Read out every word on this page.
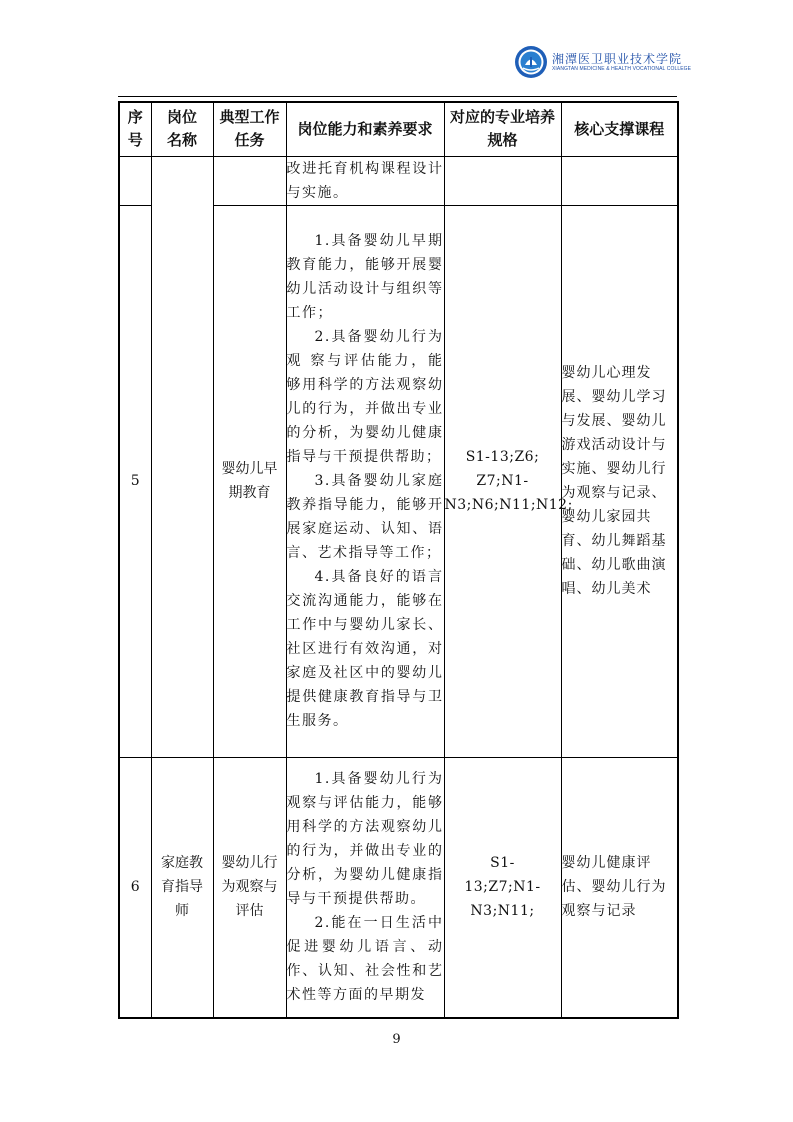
湘潭医卫职业技术学院
XIANGTAN MEDICINE & HEALTH VOCATIONAL COLLEGE
序号	岗位名称	典型工作任务	岗位能力和素养要求	对应的专业培养规格	核心支撑课程

			改进托育机构课程设计与实施。		

5		婴幼儿早期教育	1.具备婴幼儿早期教育能力，能够开展婴幼儿活动设计与组织等工作；

2.具备婴幼儿行为观 察与评估能力，能够用科学的方法观察幼儿的行为，并做出专业的分析，为婴幼儿健康指导与干预提供帮助；

3.具备婴幼儿家庭教养指导能力，能够开展家庭运动、认知、语言、艺术指导等工作；

4.具备良好的语言交流沟通能力，能够在工作中与婴幼儿家长、社区进行有效沟通，对家庭及社区中的婴幼儿 提供健康教育指导与卫生服务。	S1-13;Z6; Z7;N1-N3;N6;N11;N12;	婴幼儿心理发展、婴幼儿学习与发展、婴幼儿游戏活动设计与实施、婴幼儿行为观察与记录、婴幼儿家园共育、幼儿舞蹈基础、幼儿歌曲演唱、幼儿美术
6	家庭教育指导师	婴幼儿行为观察与评估	1.具备婴幼儿行为观察与评估能力，能够用科学的方法观察幼儿的行为，并做出专业的分析，为婴幼儿健康指导与干预提供帮助。

2.能在一日生活中促进婴幼儿语言、动作、认知、社会性和艺术性等方面的早期发	S1-13;Z7;N1-N3;N11;	婴幼儿健康评估、婴幼儿行为观察与记录
9
